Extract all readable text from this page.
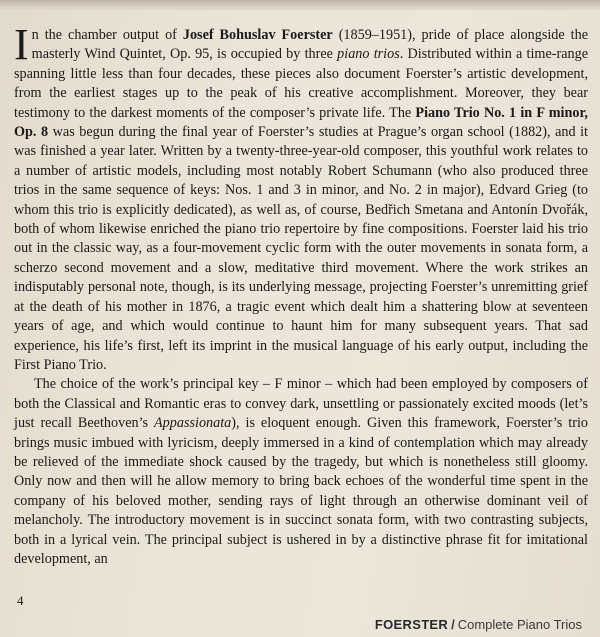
In the chamber output of Josef Bohuslav Foerster (1859–1951), pride of place alongside the masterly Wind Quintet, Op. 95, is occupied by three piano trios. Distributed within a time-range spanning little less than four decades, these pieces also document Foerster’s artistic development, from the earliest stages up to the peak of his creative accomplishment. Moreover, they bear testimony to the darkest moments of the composer’s private life. The Piano Trio No. 1 in F minor, Op. 8 was begun during the final year of Foerster’s studies at Prague’s organ school (1882), and it was finished a year later. Written by a twenty-three-year-old composer, this youthful work relates to a number of artistic models, including most notably Robert Schumann (who also produced three trios in the same sequence of keys: Nos. 1 and 3 in minor, and No. 2 in major), Edvard Grieg (to whom this trio is explicitly dedicated), as well as, of course, Bedřich Smetana and Antonín Dvořák, both of whom likewise enriched the piano trio repertoire by fine compositions. Foerster laid his trio out in the classic way, as a four-movement cyclic form with the outer movements in sonata form, a scherzo second movement and a slow, meditative third movement. Where the work strikes an indisputably personal note, though, is its underlying message, projecting Foerster’s unremitting grief at the death of his mother in 1876, a tragic event which dealt him a shattering blow at seventeen years of age, and which would continue to haunt him for many subsequent years. That sad experience, his life’s first, left its imprint in the musical language of his early output, including the First Piano Trio.

The choice of the work’s principal key – F minor – which had been employed by composers of both the Classical and Romantic eras to convey dark, unsettling or passionately excited moods (let’s just recall Beethoven’s Appassionata), is eloquent enough. Given this framework, Foerster’s trio brings music imbued with lyricism, deeply immersed in a kind of contemplation which may already be relieved of the immediate shock caused by the tragedy, but which is nonetheless still gloomy. Only now and then will he allow memory to bring back echoes of the wonderful time spent in the company of his beloved mother, sending rays of light through an otherwise dominant veil of melancholy. The introductory movement is in succinct sonata form, with two contrasting subjects, both in a lyrical vein. The principal subject is ushered in by a distinctive phrase fit for imitational development, an

4
FOERSTER / Complete Piano Trios
